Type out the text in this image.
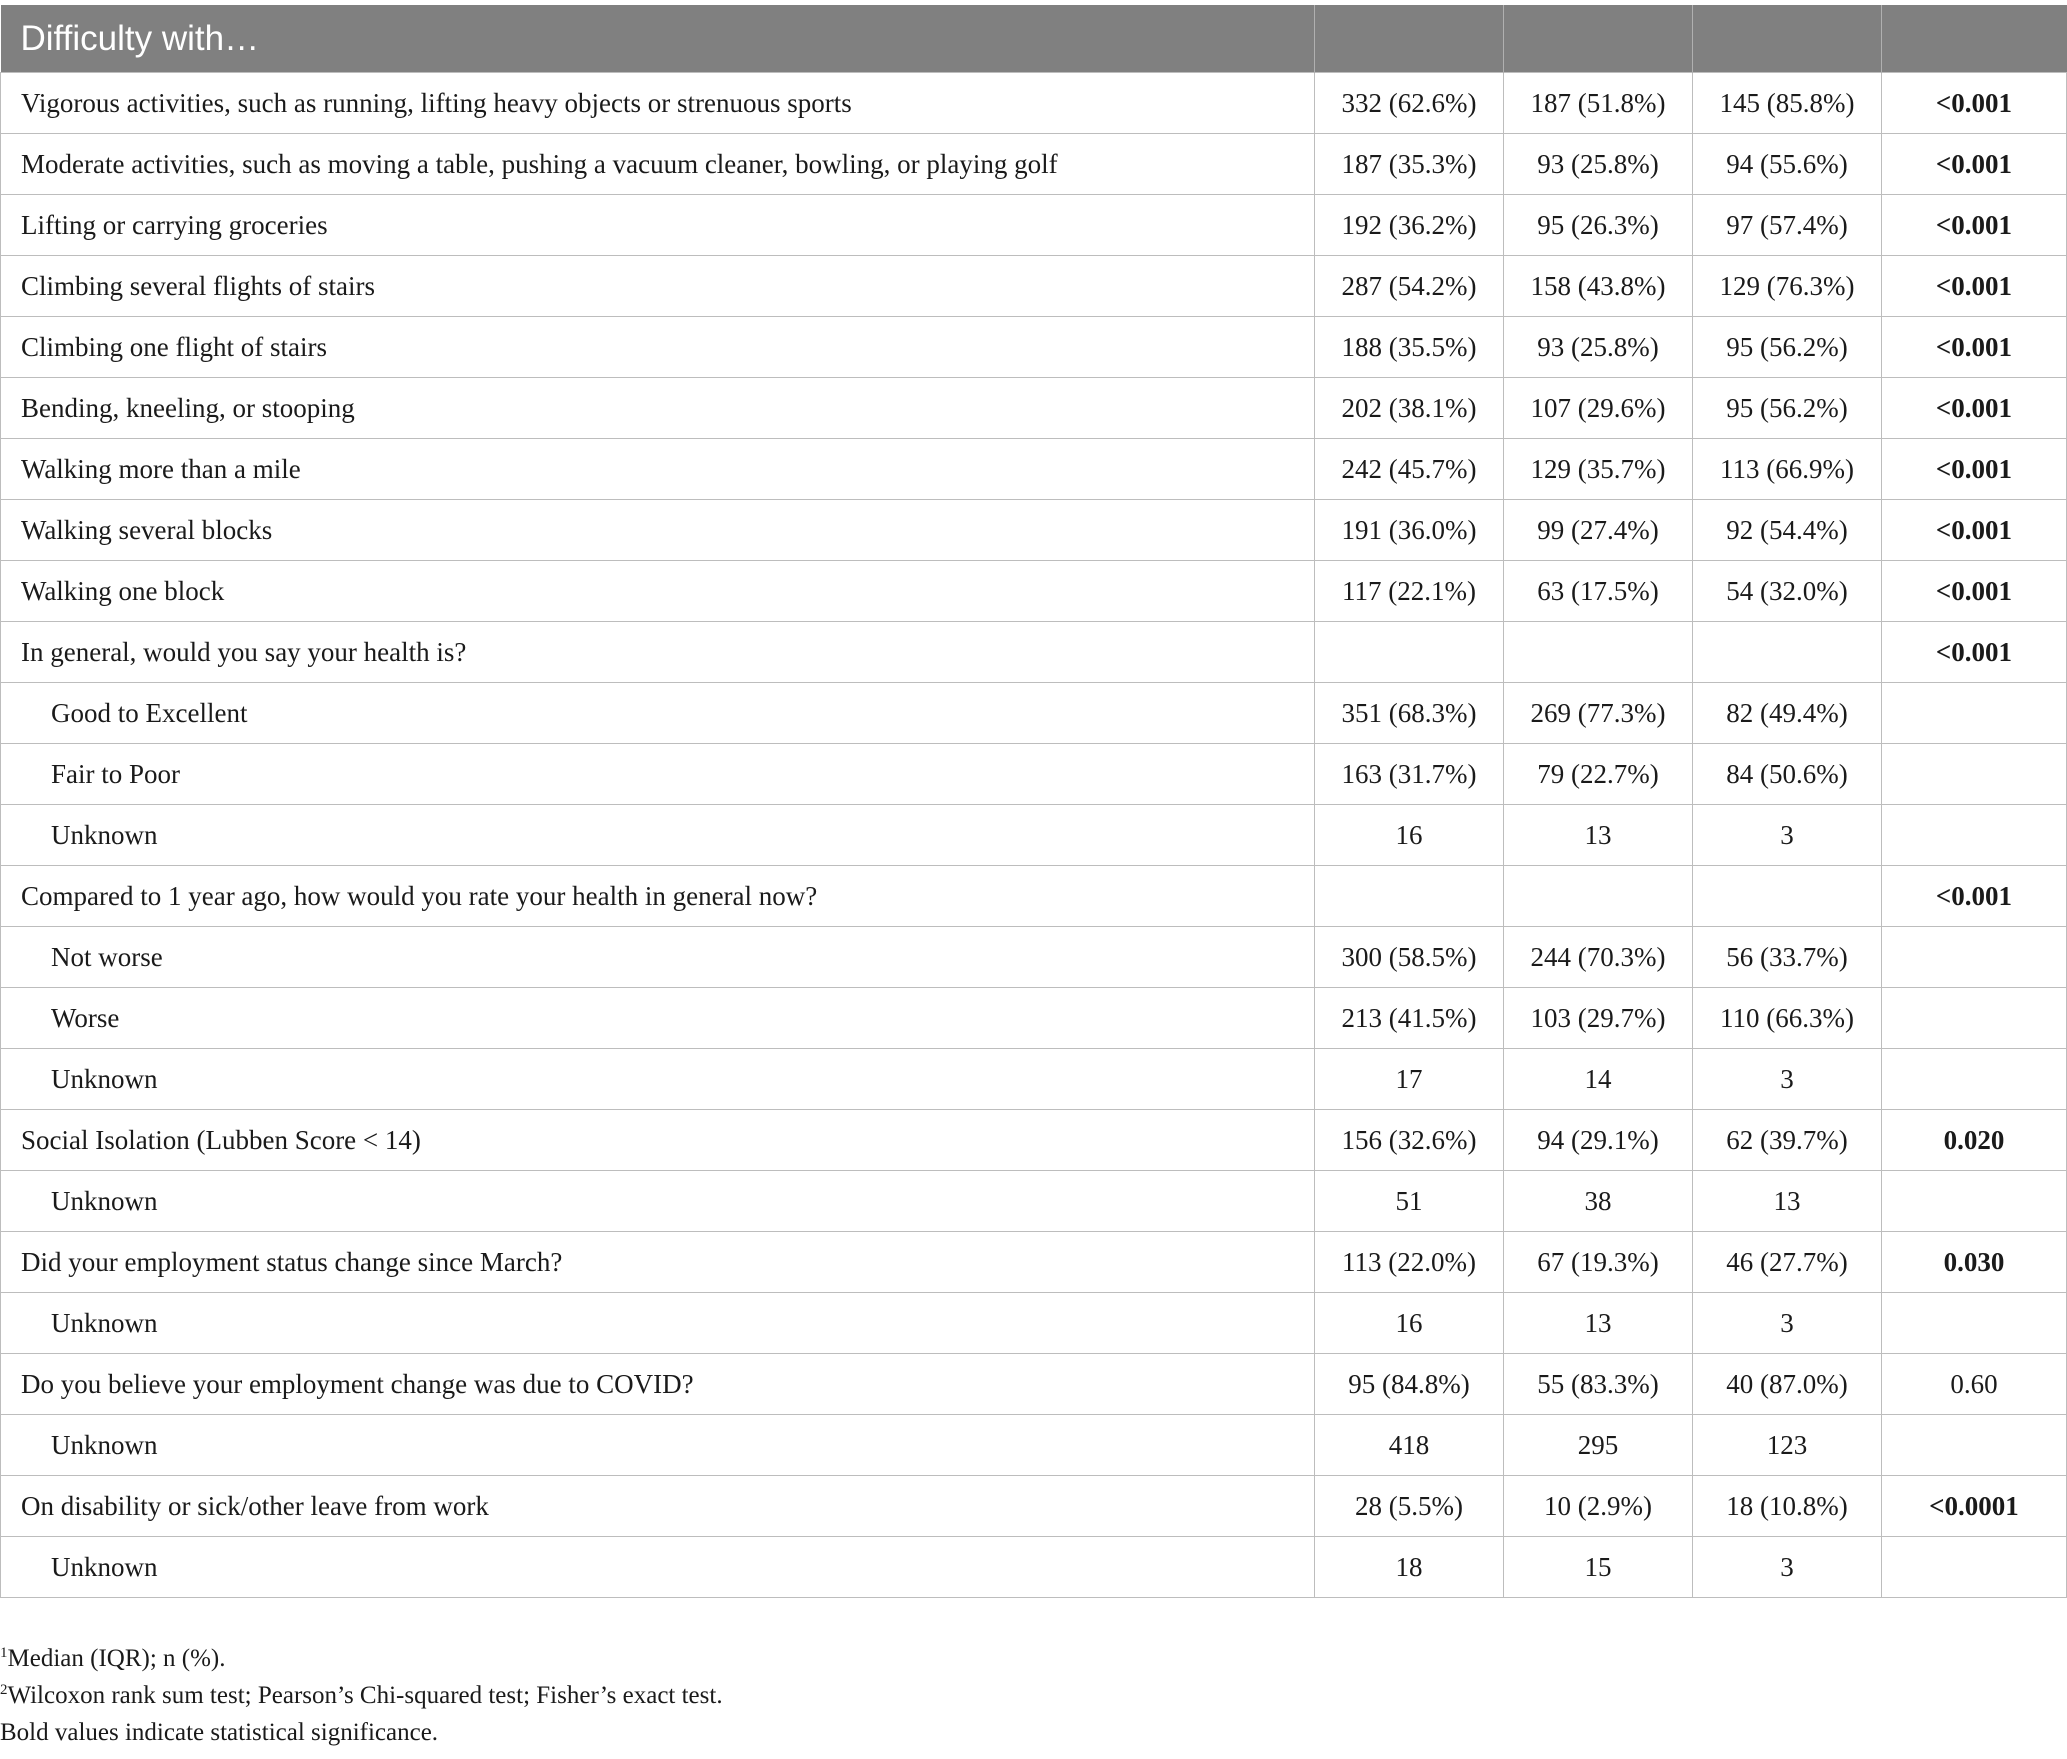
Difficulty with…				
Vigorous activities, such as running, lifting heavy objects or strenuous sports	332 (62.6%)	187 (51.8%)	145 (85.8%)	<0.001
Moderate activities, such as moving a table, pushing a vacuum cleaner, bowling, or playing golf	187 (35.3%)	93 (25.8%)	94 (55.6%)	<0.001
Lifting or carrying groceries	192 (36.2%)	95 (26.3%)	97 (57.4%)	<0.001
Climbing several flights of stairs	287 (54.2%)	158 (43.8%)	129 (76.3%)	<0.001
Climbing one flight of stairs	188 (35.5%)	93 (25.8%)	95 (56.2%)	<0.001
Bending, kneeling, or stooping	202 (38.1%)	107 (29.6%)	95 (56.2%)	<0.001
Walking more than a mile	242 (45.7%)	129 (35.7%)	113 (66.9%)	<0.001
Walking several blocks	191 (36.0%)	99 (27.4%)	92 (54.4%)	<0.001
Walking one block	117 (22.1%)	63 (17.5%)	54 (32.0%)	<0.001
In general, would you say your health is?				<0.001
Good to Excellent	351 (68.3%)	269 (77.3%)	82 (49.4%)	
Fair to Poor	163 (31.7%)	79 (22.7%)	84 (50.6%)	
Unknown	16	13	3	
Compared to 1 year ago, how would you rate your health in general now?				<0.001
Not worse	300 (58.5%)	244 (70.3%)	56 (33.7%)	
Worse	213 (41.5%)	103 (29.7%)	110 (66.3%)	
Unknown	17	14	3	
Social Isolation (Lubben Score < 14)	156 (32.6%)	94 (29.1%)	62 (39.7%)	0.020
Unknown	51	38	13	
Did your employment status change since March?	113 (22.0%)	67 (19.3%)	46 (27.7%)	0.030
Unknown	16	13	3	
Do you believe your employment change was due to COVID?	95 (84.8%)	55 (83.3%)	40 (87.0%)	0.60
Unknown	418	295	123	
On disability or sick/other leave from work	28 (5.5%)	10 (2.9%)	18 (10.8%)	<0.0001
Unknown	18	15	3	
$^1$Median (IQR); n (%).
$^2$Wilcoxon rank sum test; Pearson’s Chi-squared test; Fisher’s exact test.
Bold values indicate statistical significance.
